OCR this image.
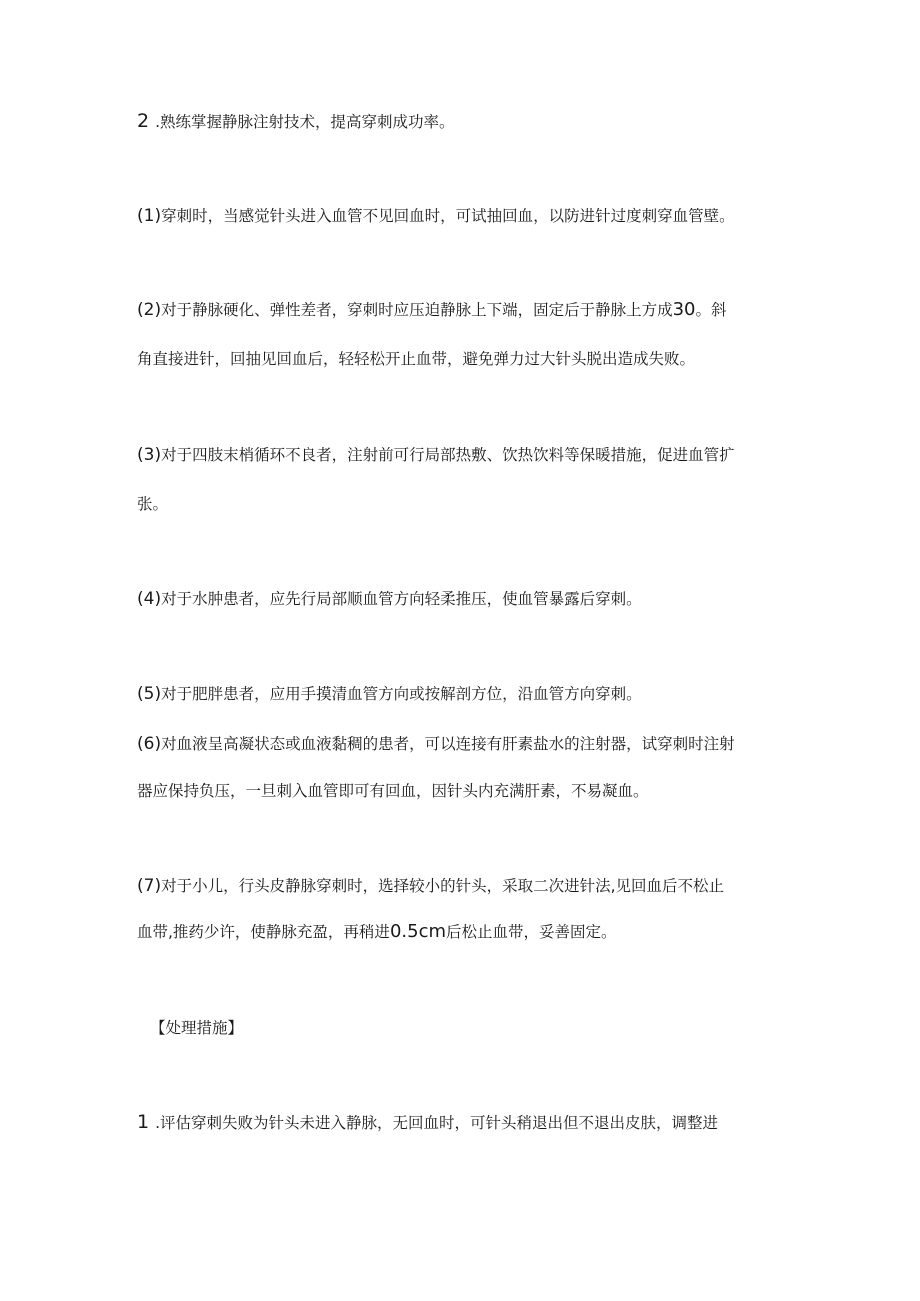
2 .熟练掌握静脉注射技术，提高穿刺成功率。
(1)穿刺时，当感觉针头进入血管不见回血时，可试抽回血，以防进针过度刺穿血管壁。
(2)对于静脉硬化、弹性差者，穿刺时应压迫静脉上下端，固定后于静脉上方成30。斜
角直接进针，回抽见回血后，轻轻松开止血带，避免弹力过大针头脱出造成失败。
(3)对于四肢末梢循环不良者，注射前可行局部热敷、饮热饮料等保暖措施，促进血管扩
张。
(4)对于水肿患者，应先行局部顺血管方向轻柔推压，使血管暴露后穿刺。
(5)对于肥胖患者，应用手摸清血管方向或按解剖方位，沿血管方向穿刺。
(6)对血液呈高凝状态或血液黏稠的患者，可以连接有肝素盐水的注射器，试穿刺时注射
器应保持负压，一旦刺入血管即可有回血，因针头内充满肝素，不易凝血。
(7)对于小儿，行头皮静脉穿刺时，选择较小的针头，采取二次进针法,见回血后不松止
血带,推药少许，使静脉充盈，再稍进0.5cm后松止血带，妥善固定。
【处理措施】
1 .评估穿刺失败为针头未进入静脉，无回血时，可针头稍退出但不退出皮肤，调整进
